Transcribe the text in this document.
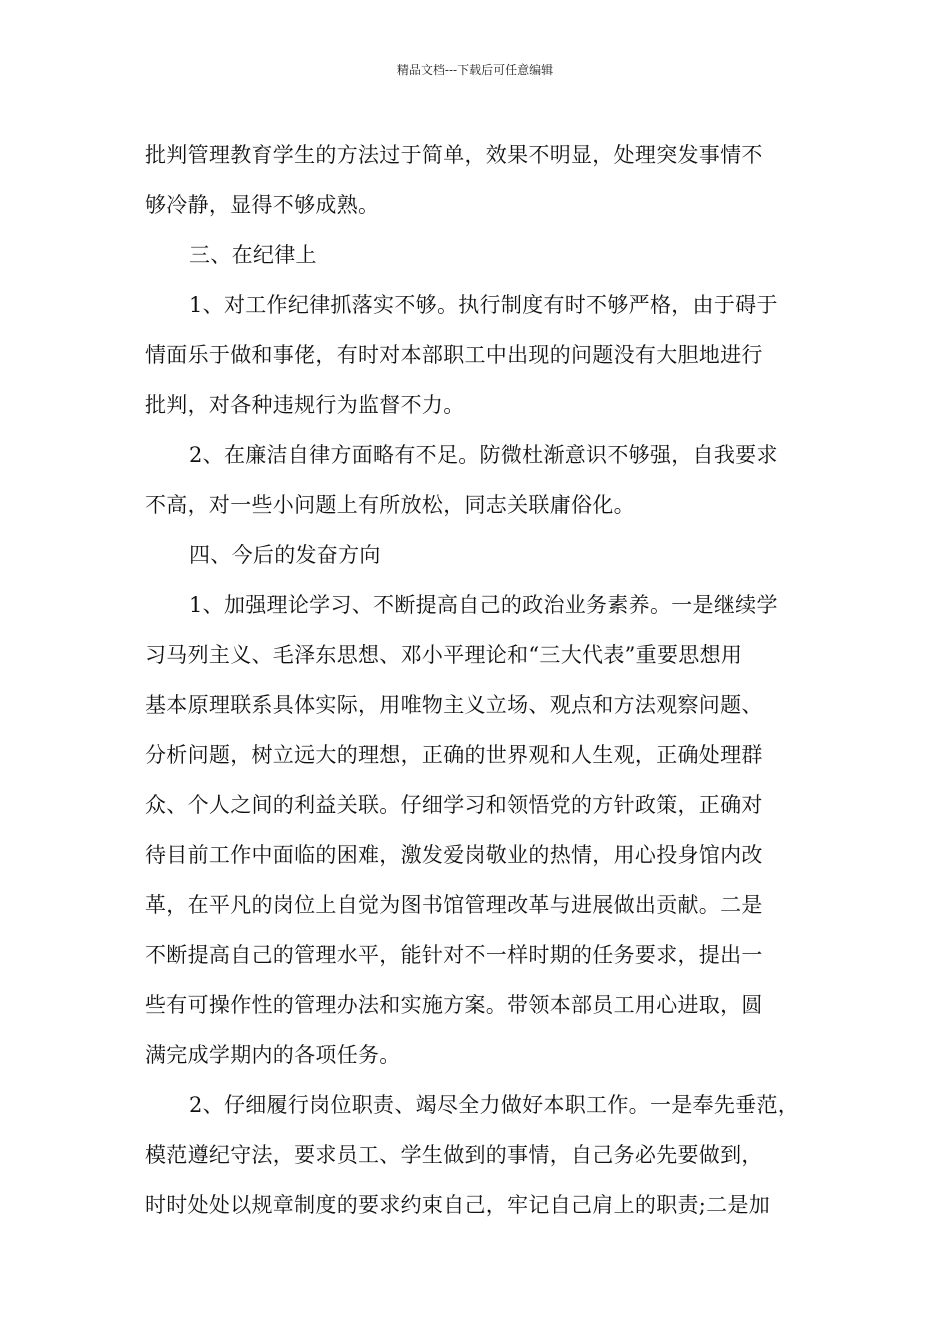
精品文档---下载后可任意编辑
批判管理教育学生的方法过于简单，效果不明显，处理突发事情不
够冷静，显得不够成熟。
三、在纪律上
1、对工作纪律抓落实不够。执行制度有时不够严格，由于碍于
情面乐于做和事佬，有时对本部职工中出现的问题没有大胆地进行
批判，对各种违规行为监督不力。
2、在廉洁自律方面略有不足。防微杜渐意识不够强，自我要求
不高，对一些小问题上有所放松，同志关联庸俗化。
四、今后的发奋方向
1、加强理论学习、不断提高自己的政治业务素养。一是继续学
习马列主义、毛泽东思想、邓小平理论和“三大代表”重要思想用
基本原理联系具体实际，用唯物主义立场、观点和方法观察问题、
分析问题，树立远大的理想，正确的世界观和人生观，正确处理群
众、个人之间的利益关联。仔细学习和领悟党的方针政策，正确对
待目前工作中面临的困难，激发爱岗敬业的热情，用心投身馆内改
革，在平凡的岗位上自觉为图书馆管理改革与进展做出贡献。二是
不断提高自己的管理水平，能针对不一样时期的任务要求，提出一
些有可操作性的管理办法和实施方案。带领本部员工用心进取，圆
满完成学期内的各项任务。
2、仔细履行岗位职责、竭尽全力做好本职工作。一是奉先垂范，
模范遵纪守法，要求员工、学生做到的事情，自己务必先要做到，
时时处处以规章制度的要求约束自己，牢记自己肩上的职责;二是加
